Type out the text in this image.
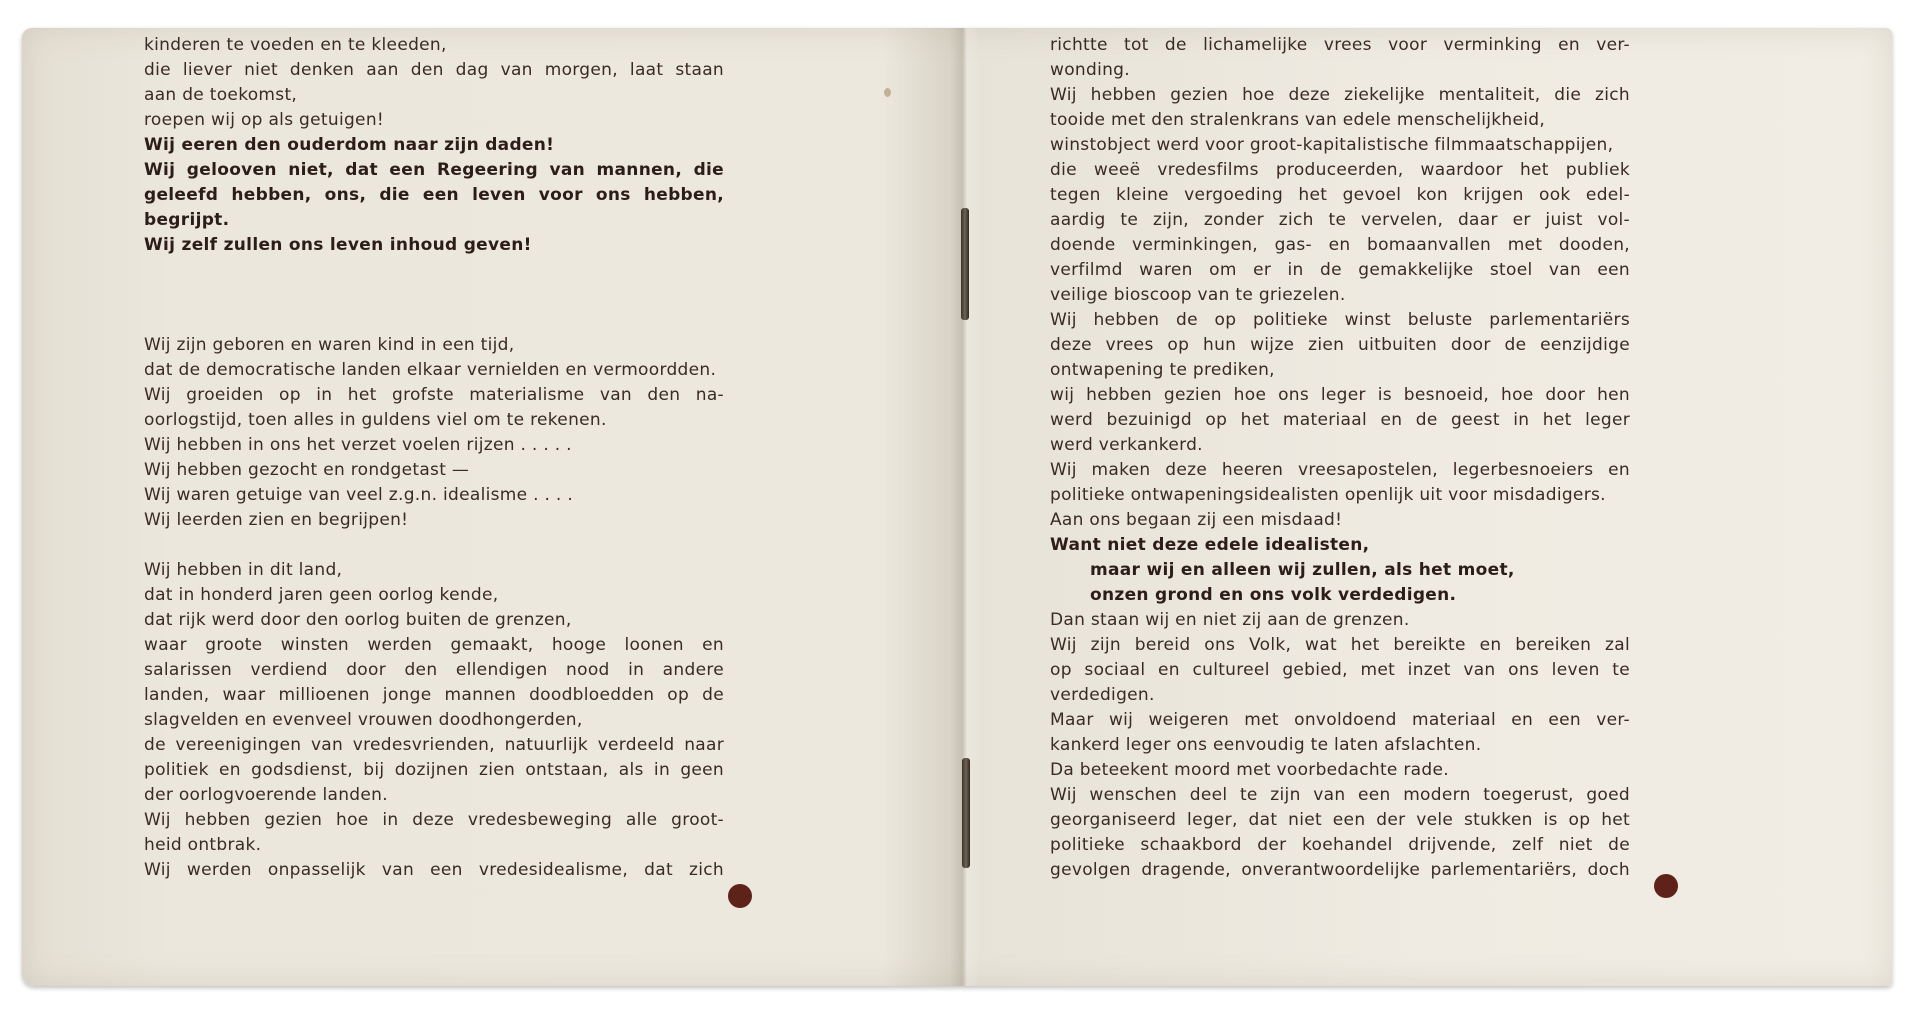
kinderen te voeden en te kleeden,
die liever niet denken aan den dag van morgen, laat staan
aan de toekomst,
roepen wij op als getuigen!
Wij eeren den ouderdom naar zijn daden!
Wij gelooven niet, dat een Regeering van mannen, die
geleefd hebben, ons, die een leven voor ons hebben,
begrijpt.
Wij zelf zullen ons leven inhoud geven!
Wij zijn geboren en waren kind in een tijd,
dat de democratische landen elkaar vernielden en vermoordden.
Wij groeiden op in het grofste materialisme van den na-
oorlogstijd, toen alles in guldens viel om te rekenen.
Wij hebben in ons het verzet voelen rijzen . . . . .
Wij hebben gezocht en rondgetast —
Wij waren getuige van veel z.g.n. idealisme . . . .
Wij leerden zien en begrijpen!
Wij hebben in dit land,
dat in honderd jaren geen oorlog kende,
dat rijk werd door den oorlog buiten de grenzen,
waar groote winsten werden gemaakt, hooge loonen en
salarissen verdiend door den ellendigen nood in andere
landen, waar millioenen jonge mannen doodbloedden op de
slagvelden en evenveel vrouwen doodhongerden,
de vereenigingen van vredesvrienden, natuurlijk verdeeld naar
politiek en godsdienst, bij dozijnen zien ontstaan, als in geen
der oorlogvoerende landen.
Wij hebben gezien hoe in deze vredesbeweging alle groot-
heid ontbrak.
Wij werden onpasselijk van een vredesidealisme, dat zich
richtte tot de lichamelijke vrees voor verminking en ver-
wonding.
Wij hebben gezien hoe deze ziekelijke mentaliteit, die zich
tooide met den stralenkrans van edele menschelijkheid,
winstobject werd voor groot-kapitalistische filmmaatschappijen,
die weeë vredesfilms produceerden, waardoor het publiek
tegen kleine vergoeding het gevoel kon krijgen ook edel-
aardig te zijn, zonder zich te vervelen, daar er juist vol-
doende verminkingen, gas- en bomaanvallen met dooden,
verfilmd waren om er in de gemakkelijke stoel van een
veilige bioscoop van te griezelen.
Wij hebben de op politieke winst beluste parlementariërs
deze vrees op hun wijze zien uitbuiten door de eenzijdige
ontwapening te prediken,
wij hebben gezien hoe ons leger is besnoeid, hoe door hen
werd bezuinigd op het materiaal en de geest in het leger
werd verkankerd.
Wij maken deze heeren vreesapostelen, legerbesnoeiers en
politieke ontwapeningsidealisten openlijk uit voor misdadigers.
Aan ons begaan zij een misdaad!
Want niet deze edele idealisten,
maar wij en alleen wij zullen, als het moet,
onzen grond en ons volk verdedigen.
Dan staan wij en niet zij aan de grenzen.
Wij zijn bereid ons Volk, wat het bereikte en bereiken zal
op sociaal en cultureel gebied, met inzet van ons leven te
verdedigen.
Maar wij weigeren met onvoldoend materiaal en een ver-
kankerd leger ons eenvoudig te laten afslachten.
Da beteekent moord met voorbedachte rade.
Wij wenschen deel te zijn van een modern toegerust, goed
georganiseerd leger, dat niet een der vele stukken is op het
politieke schaakbord der koehandel drijvende, zelf niet de
gevolgen dragende, onverantwoordelijke parlementariërs, doch
